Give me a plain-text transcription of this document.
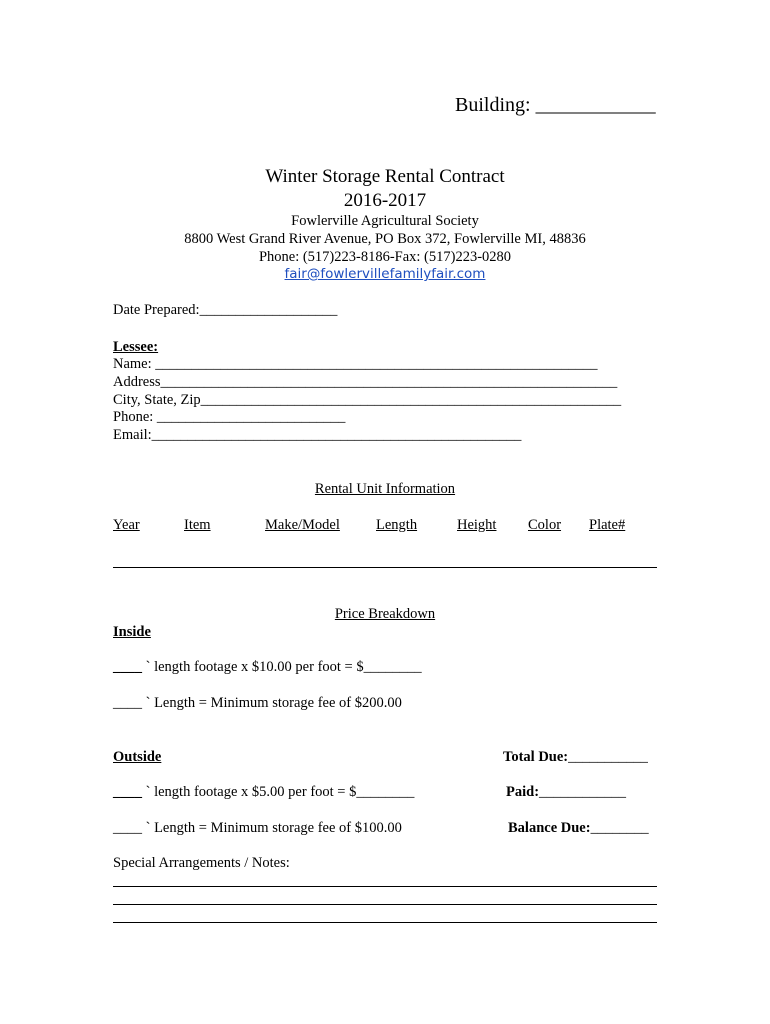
Building: ____________
Winter Storage Rental Contract
2016-2017
Fowlerville Agricultural Society
8800 West Grand River Avenue, PO Box 372, Fowlerville MI, 48836
Phone: (517)223-8186-Fax: (517)223-0280
fair@fowlervillefamilyfair.com
Date Prepared:___________________
Lessee:
Name: _____________________________________________________________
Address_______________________________________________________________
City, State, Zip__________________________________________________________
Phone: __________________________
Email:___________________________________________________
Rental Unit Information
Year	Item	Make/Model Length	Height Color Plate#
Price Breakdown
Inside
____ ` length footage x $10.00 per foot = $________
____ ` Length = Minimum storage fee of $200.00
Outside
____ ` length footage x $5.00 per foot = $________
____ ` Length = Minimum storage fee of $100.00
Total Due:___________
Paid:____________
Balance Due:________
Special Arrangements / Notes:
